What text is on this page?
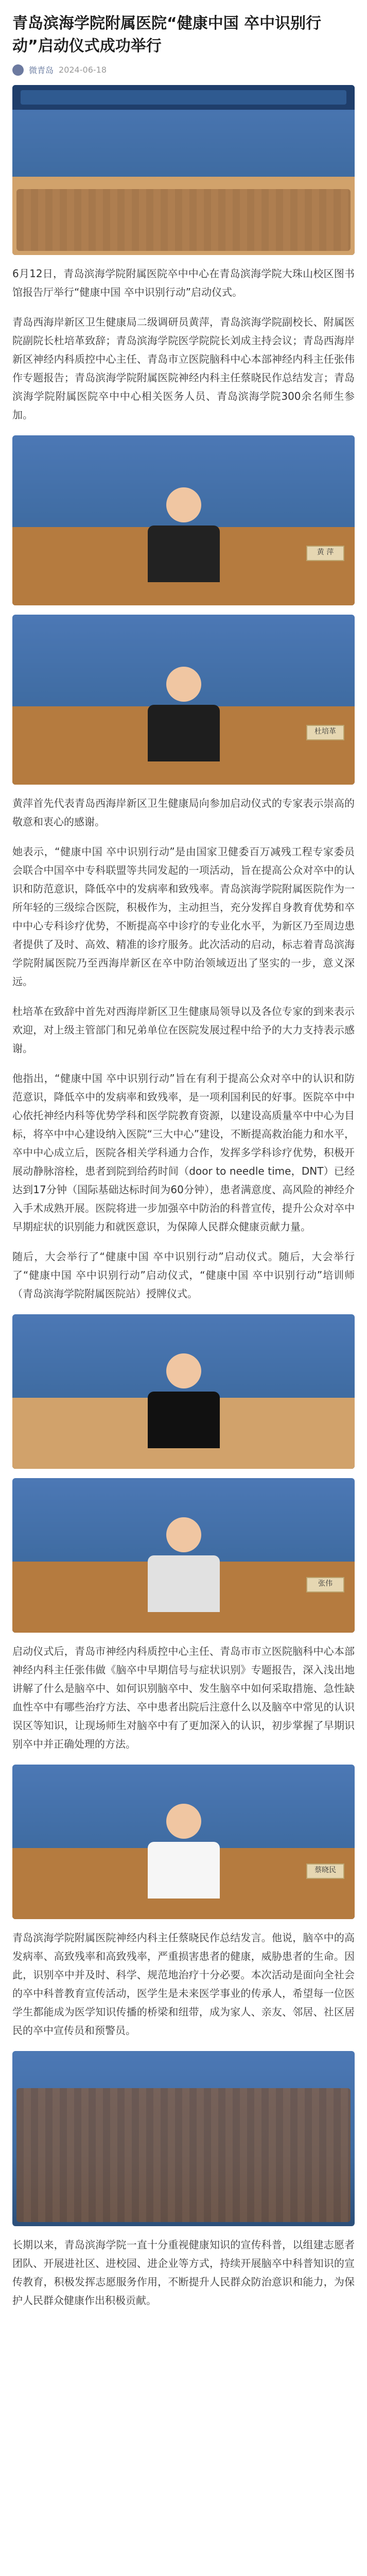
青岛滨海学院附属医院“健康中国 卒中识别行动”启动仪式成功举行
微青岛 2024-06-18

6月12日，青岛滨海学院附属医院卒中中心在青岛滨海学院大珠山校区图书馆报告厅举行“健康中国 卒中识别行动”启动仪式。

青岛西海岸新区卫生健康局二级调研员黄萍，青岛滨海学院副校长、附属医院副院长杜培革致辞；青岛滨海学院医学院院长刘成主持会议；青岛西海岸新区神经内科质控中心主任、青岛市立医院脑科中心本部神经内科主任张伟作专题报告；青岛滨海学院附属医院神经内科主任蔡晓民作总结发言；青岛滨海学院附属医院卒中中心相关医务人员、青岛滨海学院300余名师生参加。

黄 萍
杜培革

黄萍首先代表青岛西海岸新区卫生健康局向参加启动仪式的专家表示崇高的敬意和衷心的感谢。

她表示，“健康中国 卒中识别行动”是由国家卫健委百万减残工程专家委员会联合中国卒中专科联盟等共同发起的一项活动，旨在提高公众对卒中的认识和防范意识，降低卒中的发病率和致残率。青岛滨海学院附属医院作为一所年轻的三级综合医院，积极作为，主动担当，充分发挥自身教育优势和卒中中心专科诊疗优势，不断提高卒中诊疗的专业化水平，为新区乃至周边患者提供了及时、高效、精准的诊疗服务。此次活动的启动，标志着青岛滨海学院附属医院乃至西海岸新区在卒中防治领域迈出了坚实的一步，意义深远。

杜培革在致辞中首先对西海岸新区卫生健康局领导以及各位专家的到来表示欢迎，对上级主管部门和兄弟单位在医院发展过程中给予的大力支持表示感谢。

他指出，“健康中国 卒中识别行动”旨在有利于提高公众对卒中的认识和防范意识，降低卒中的发病率和致残率，是一项利国利民的好事。医院卒中中心依托神经内科等优势学科和医学院教育资源，以建设高质量卒中中心为目标，将卒中中心建设纳入医院“三大中心”建设，不断提高救治能力和水平，卒中中心成立后，医院各相关学科通力合作，发挥多学科诊疗优势，积极开展动静脉溶栓，患者到院到给药时间（door to needle time，DNT）已经达到17分钟（国际基础达标时间为60分钟），患者满意度、高风险的神经介入手术成熟开展。医院将进一步加强卒中防治的科普宣传，提升公众对卒中早期症状的识别能力和就医意识，为保障人民群众健康贡献力量。

随后，大会举行了“健康中国 卒中识别行动”启动仪式。随后，大会举行了“健康中国 卒中识别行动”启动仪式，“健康中国 卒中识别行动”培训师（青岛滨海学院附属医院站）授牌仪式。

张伟

启动仪式后，青岛市神经内科质控中心主任、青岛市市立医院脑科中心本部神经内科主任张伟做《脑卒中早期信号与症状识别》专题报告，深入浅出地讲解了什么是脑卒中、如何识别脑卒中、发生脑卒中如何采取措施、急性缺血性卒中有哪些治疗方法、卒中患者出院后注意什么以及脑卒中常见的认识误区等知识，让现场师生对脑卒中有了更加深入的认识，初步掌握了早期识别卒中并正确处理的方法。

蔡晓民

青岛滨海学院附属医院神经内科主任蔡晓民作总结发言。他说，脑卒中的高发病率、高致残率和高致残率，严重损害患者的健康，威胁患者的生命。因此，识别卒中并及时、科学、规范地治疗十分必要。本次活动是面向全社会的卒中科普教育宣传活动，医学生是未来医学事业的传承人，希望每一位医学生都能成为医学知识传播的桥梁和纽带，成为家人、亲友、邻居、社区居民的卒中宣传员和预警员。

长期以来，青岛滨海学院一直十分重视健康知识的宣传科普，以组建志愿者团队、开展进社区、进校园、进企业等方式，持续开展脑卒中科普知识的宣传教育，积极发挥志愿服务作用，不断提升人民群众防治意识和能力，为保护人民群众健康作出积极贡献。
